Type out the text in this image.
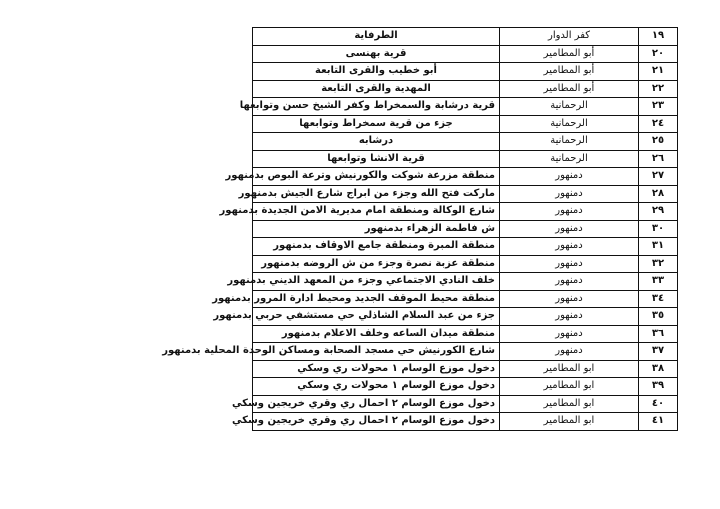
١٩	كفر الدوار	الطرفاية
٢٠	أبو المطامير	قرية بهنسى
٢١	أبو المطامير	أبو خطيب والقرى التابعة
٢٢	أبو المطامير	المهدية والقرى التابعة
٢٣	الرحمانية	قرية درشابة والسمخراط وكفر الشيخ حسن وتوابعها
٢٤	الرحمانية	جزء من قرية سمخراط وتوابعها
٢٥	الرحمانية	درشابه
٢٦	الرحمانية	قرية الانشا وتوابعها
٢٧	دمنهور	منطقة مزرعة شوكت والكورنيش وترعة البوص بدمنهور
٢٨	دمنهور	ماركت فتح الله وجزء من ابراج شارع الجيش بدمنهور
٢٩	دمنهور	شارع الوكالة ومنطقة امام مديرية الامن الجديدة بدمنهور
٣٠	دمنهور	ش فاطمة الزهراء بدمنهور
٣١	دمنهور	منطقة المبرة ومنطقة جامع الاوقاف بدمنهور
٣٢	دمنهور	منطقة عزبة نصرة وجزء من ش الروضه بدمنهور
٣٣	دمنهور	خلف النادي الاجتماعي وجزء من المعهد الديني بدمنهور
٣٤	دمنهور	منطقة محيط الموقف الجديد ومحيط ادارة المرور بدمنهور
٣٥	دمنهور	جزء من عبد السلام الشاذلي حي مستشفي حربي بدمنهور
٣٦	دمنهور	منطقة ميدان الساعه وخلف الاعلام بدمنهور
٣٧	دمنهور	شارع الكورنيش حي مسجد الصحابة ومساكن الوحدة المحلية بدمنهور
٣٨	ابو المطامير	دخول موزع الوسام ١ محولات ري وسكي
٣٩	ابو المطامير	دخول موزع الوسام ١ محولات ري وسكي
٤٠	ابو المطامير	دخول موزع الوسام ٢ احمال ري وقري خريجين وسكي
٤١	ابو المطامير	دخول موزع الوسام ٢ احمال ري وقري خريجين وسكي
